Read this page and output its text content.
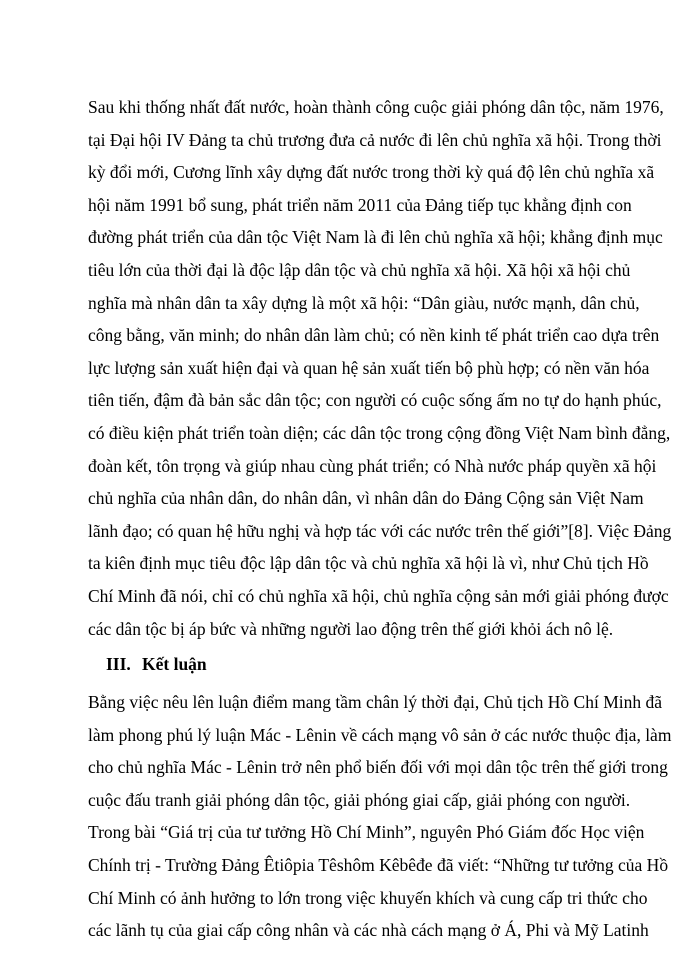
Sau khi thống nhất đất nước, hoàn thành công cuộc giải phóng dân tộc, năm 1976,
tại Đại hội IV Đảng ta chủ trương đưa cả nước đi lên chủ nghĩa xã hội. Trong thời
kỳ đổi mới, Cương lĩnh xây dựng đất nước trong thời kỳ quá độ lên chủ nghĩa xã
hội năm 1991 bổ sung, phát triển năm 2011 của Đảng tiếp tục khẳng định con
đường phát triển của dân tộc Việt Nam là đi lên chủ nghĩa xã hội; khẳng định mục
tiêu lớn của thời đại là độc lập dân tộc và chủ nghĩa xã hội. Xã hội xã hội chủ
nghĩa mà nhân dân ta xây dựng là một xã hội: “Dân giàu, nước mạnh, dân chủ,
công bằng, văn minh; do nhân dân làm chủ; có nền kinh tế phát triển cao dựa trên
lực lượng sản xuất hiện đại và quan hệ sản xuất tiến bộ phù hợp; có nền văn hóa
tiên tiến, đậm đà bản sắc dân tộc; con người có cuộc sống ấm no tự do hạnh phúc,
có điều kiện phát triển toàn diện; các dân tộc trong cộng đồng Việt Nam bình đẳng,
đoàn kết, tôn trọng và giúp nhau cùng phát triển; có Nhà nước pháp quyền xã hội
chủ nghĩa của nhân dân, do nhân dân, vì nhân dân do Đảng Cộng sản Việt Nam
lãnh đạo; có quan hệ hữu nghị và hợp tác với các nước trên thế giới”[8]. Việc Đảng
ta kiên định mục tiêu độc lập dân tộc và chủ nghĩa xã hội là vì, như Chủ tịch Hồ
Chí Minh đã nói, chỉ có chủ nghĩa xã hội, chủ nghĩa cộng sản mới giải phóng được
các dân tộc bị áp bức và những người lao động trên thế giới khỏi ách nô lệ.
III. Kết luận
Bằng việc nêu lên luận điểm mang tầm chân lý thời đại, Chủ tịch Hồ Chí Minh đã
làm phong phú lý luận Mác - Lênin về cách mạng vô sản ở các nước thuộc địa, làm
cho chủ nghĩa Mác - Lênin trở nên phổ biến đối với mọi dân tộc trên thế giới trong
cuộc đấu tranh giải phóng dân tộc, giải phóng giai cấp, giải phóng con người.
Trong bài “Giá trị của tư tưởng Hồ Chí Minh”, nguyên Phó Giám đốc Học viện
Chính trị - Trường Đảng Êtiôpia Têshôm Kêbêđe đã viết: “Những tư tưởng của Hồ
Chí Minh có ảnh hưởng to lớn trong việc khuyến khích và cung cấp tri thức cho
các lãnh tụ của giai cấp công nhân và các nhà cách mạng ở Á, Phi và Mỹ Latinh
